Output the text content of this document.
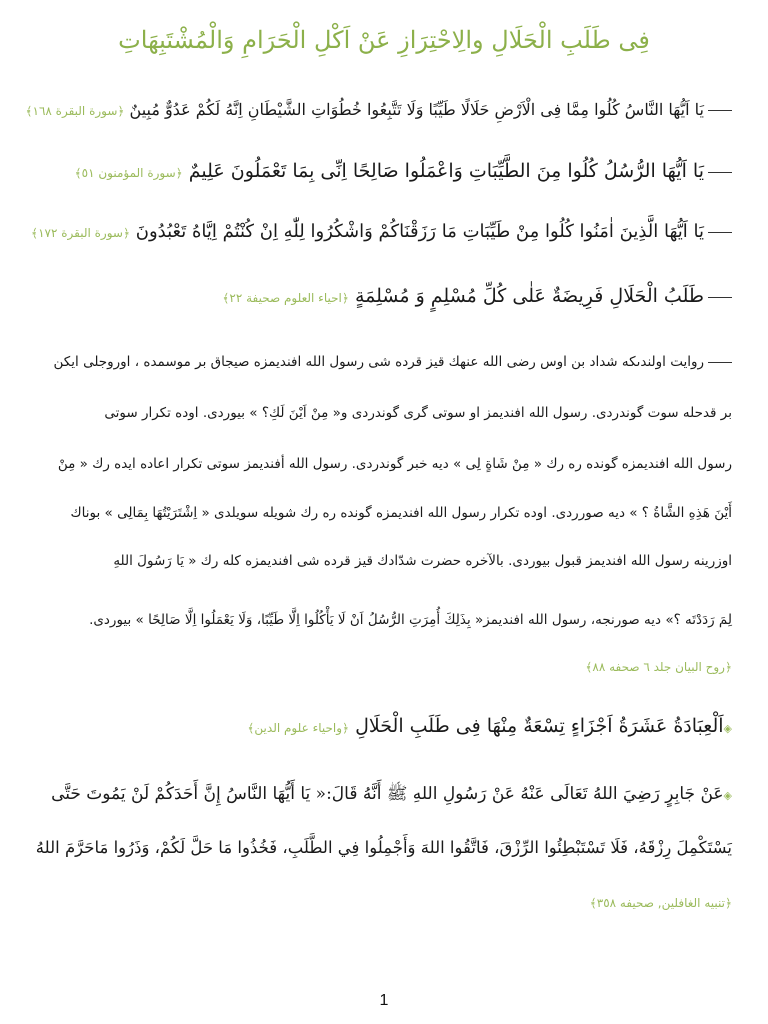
فِى طَلَبِ الْحَلَالِ والِاحْتِرَازِ عَنْ اَكْلِ الْحَرَامِ وَالْمُشْتَبِهَاتِ
يَا اَيُّهَا النَّاسُ كُلُوا مِمَّا فِى الْاَرْضِ حَلَالًا طَيِّبًا وَلَا تَتَّبِعُوا خُطُوَاتِ الشَّيْطَانِ اِنَّهُ لَكُمْ عَدُوٌّ مُبِينٌ ﴿سورة البقرة ١٦٨﴾
يَا اَيُّهَا الرُّسُلُ كُلُوا مِنَ الطَّيِّبَاتِ وَاعْمَلُوا صَالِحًا اِنِّى بِمَا تَعْمَلُونَ عَلِيمٌ ﴿سورة المؤمنون ٥١﴾
يَا اَيُّهَا الَّذِينَ اٰمَنُوا كُلُوا مِنْ طَيِّبَاتِ مَا رَزَقْنَاكُمْ وَاشْكُرُوا لِلّٰهِ اِنْ كُنْتُمْ اِيَّاهُ تَعْبُدُونَ ﴿سورة البقرة ١٧٢﴾
طَلَبُ الْحَلَالِ فَرِيضَةٌ عَلٰى كُلِّ مُسْلِمٍ وَ مُسْلِمَةٍ ﴿احياء العلوم صحيفة ٢٢﴾
روايت اولندىكه شداد بن اوس رضى الله عنهك قيز قرده شى رسول الله افنديمزه صيجاق بر موسمده ، اوروجلى ايكن
بر قدحله سوت گوندردى. رسول الله افنديمز او سوتى گرى گوندردى و« مِنْ اَيْنَ لَكِ؟ » بيوردى. اوده تكرار سوتى
رسول الله افنديمزه گونده ره رك « مِنْ شَاةٍ لِى » ديه خبر گوندردى. رسول الله أفنديمز سوتى تكرار اعاده ايده رك « مِنْ
أَيْنَ هَذِهِ الشَّاةُ ؟ » ديه صورردى. اوده تكرار رسول الله افنديمزه گونده ره رك شويله سويلدى « اِشْتَرَيْتُهَا بِمَالِى » بوناك
اوزرينه رسول الله افنديمز قبول بيوردى. بالآخره حضرت شدّادك قيز قرده شى افنديمزه كله رك « يَا رَسُولَ اللهِ
لِمَ رَدَدْتَه ؟» ديه صورنجه، رسول الله افنديمز« بِذَلِكَ أُمِرَتِ الرُّسُلُ اَنْ لَا يَأْكُلُوا اِلَّا طَيِّبًا، وَلَا يَعْمَلُوا اِلَّا صَالِحًا » بيوردى.
﴿روح البيان جلد ٦ صحفه ٨٨﴾
◈اَلْعِبَادَةُ عَشَرَةُ اَجْزَاءٍ تِسْعَةٌ مِنْهَا فِى طَلَبِ الْحَلَالِ ﴿واحياء علوم الدين﴾
◈عَنْ جَابِرٍ رَضِيَ اللهُ تَعَالَى عَنْهُ عَنْ رَسُولِ اللهِ ﷺ أَنَّهُ قَالَ:« يَا أَيُّهَا النَّاسُ إِنَّ أَحَدَكُمْ لَنْ يَمُوتَ حَتَّى
يَسْتَكْمِلَ رِزْقَهُ، فَلَا تَسْتَبْطِئُوا الرِّزْقَ، فَاتَّقُوا اللهَ وَأَجْمِلُوا فِي الطَّلَبِ، فَخُذُوا مَا حَلَّ لَكُمْ، وَذَرُوا مَاحَرَّمَ اللهُ
﴿تنبيه الغافلين, صحيفه ٣٥٨﴾
1
